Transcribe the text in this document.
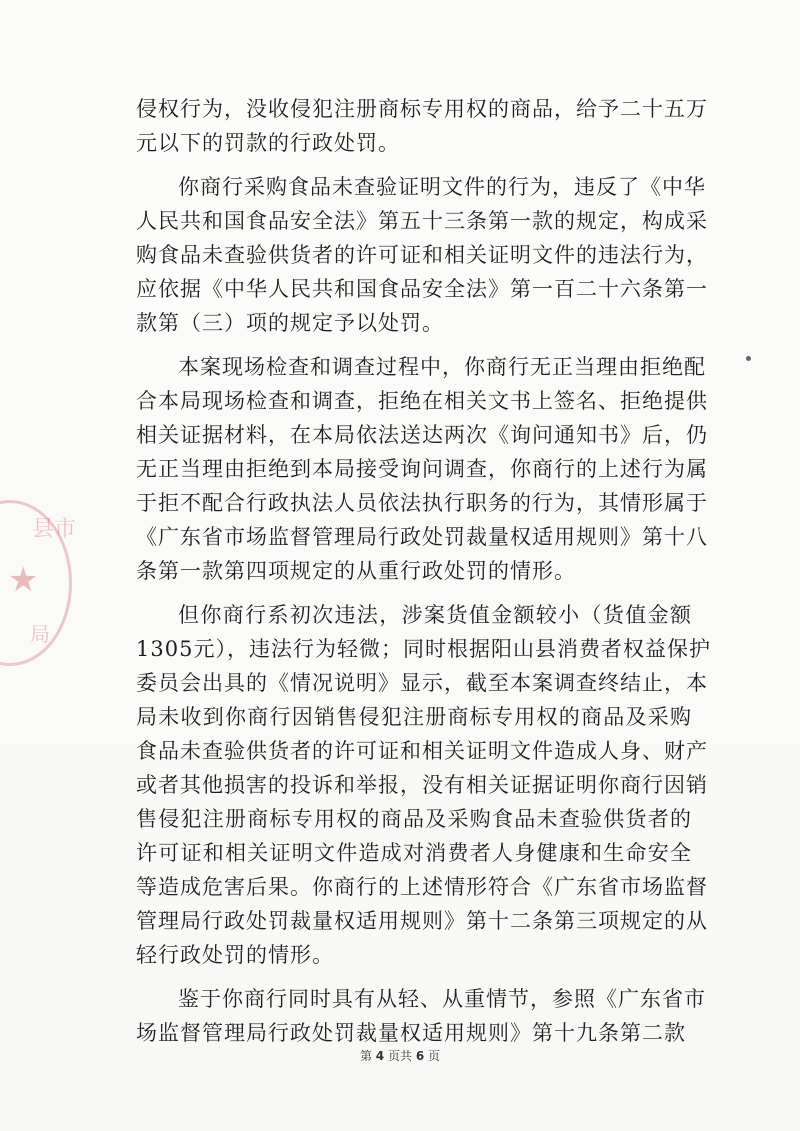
县市
★
局
侵权行为，没收侵犯注册商标专用权的商品，给予二十五万
元以下的罚款的行政处罚。
你商行采购食品未查验证明文件的行为，违反了《中华
人民共和国食品安全法》第五十三条第一款的规定，构成采
购食品未查验供货者的许可证和相关证明文件的违法行为，
应依据《中华人民共和国食品安全法》第一百二十六条第一
款第（三）项的规定予以处罚。
本案现场检查和调查过程中，你商行无正当理由拒绝配
合本局现场检查和调查，拒绝在相关文书上签名、拒绝提供
相关证据材料，在本局依法送达两次《询问通知书》后，仍
无正当理由拒绝到本局接受询问调查，你商行的上述行为属
于拒不配合行政执法人员依法执行职务的行为，其情形属于
《广东省市场监督管理局行政处罚裁量权适用规则》第十八
条第一款第四项规定的从重行政处罚的情形。
但你商行系初次违法，涉案货值金额较小（货值金额
1305元），违法行为轻微；同时根据阳山县消费者权益保护
委员会出具的《情况说明》显示，截至本案调查终结止，本
局未收到你商行因销售侵犯注册商标专用权的商品及采购
食品未查验供货者的许可证和相关证明文件造成人身、财产
或者其他损害的投诉和举报，没有相关证据证明你商行因销
售侵犯注册商标专用权的商品及采购食品未查验供货者的
许可证和相关证明文件造成对消费者人身健康和生命安全
等造成危害后果。你商行的上述情形符合《广东省市场监督
管理局行政处罚裁量权适用规则》第十二条第三项规定的从
轻行政处罚的情形。
鉴于你商行同时具有从轻、从重情节，参照《广东省市
场监督管理局行政处罚裁量权适用规则》第十九条第二款
第 4 页共 6 页
